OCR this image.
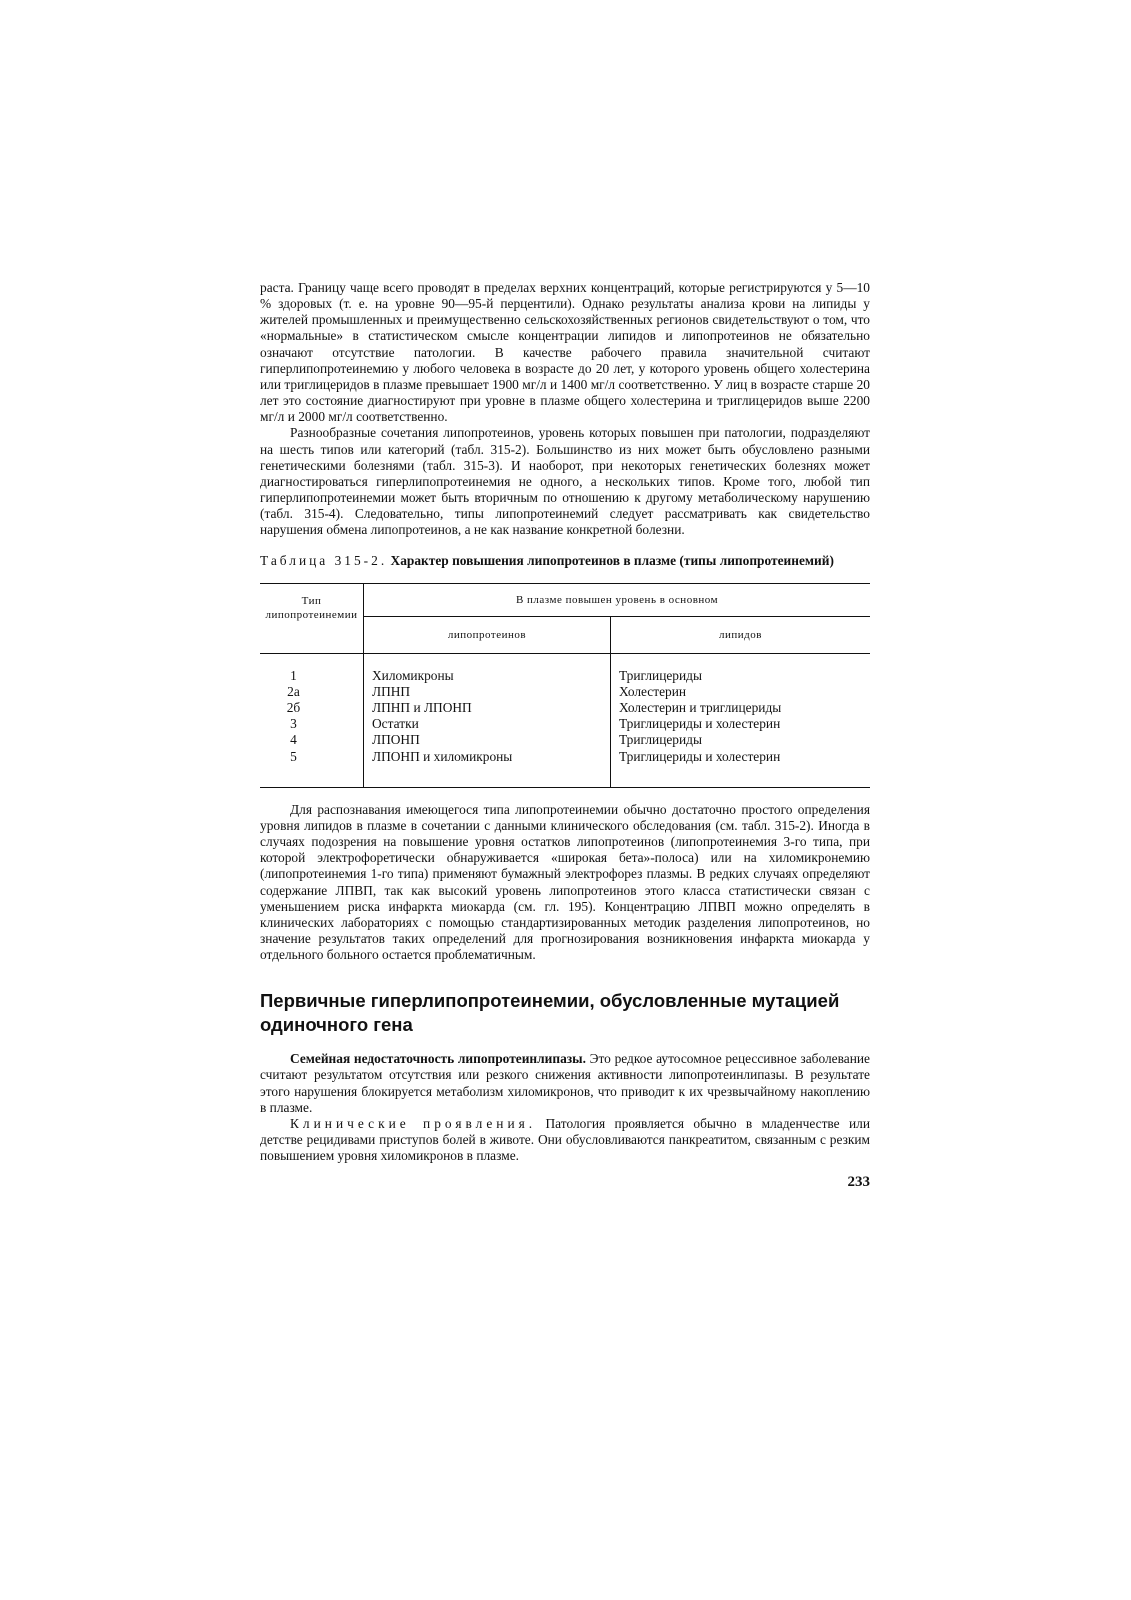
раста. Границу чаще всего проводят в пределах верхних концентраций, которые регистрируются у 5—10 % здоровых (т. е. на уровне 90—95-й перцентили). Однако результаты анализа крови на липиды у жителей промышленных и преимущественно сельскохозяйственных регионов свидетельствуют о том, что «нормальные» в статистическом смысле концентрации липидов и липопротеинов не обязательно означают отсутствие патологии. В качестве рабочего правила значительной считают гиперлипопротеинемию у любого человека в возрасте до 20 лет, у которого уровень общего холестерина или триглицеридов в плазме превышает 1900 мг/л и 1400 мг/л соответственно. У лиц в возрасте старше 20 лет это состояние диагностируют при уровне в плазме общего холестерина и триглицеридов выше 2200 мг/л и 2000 мг/л соответственно.

Разнообразные сочетания липопротеинов, уровень которых повышен при патологии, подразделяют на шесть типов или категорий (табл. 315-2). Большинство из них может быть обусловлено разными генетическими болезнями (табл. 315-3). И наоборот, при некоторых генетических болезнях может диагностироваться гиперлипопротеинемия не одного, а нескольких типов. Кроме того, любой тип гиперлипопротеинемии может быть вторичным по отношению к другому метаболическому нарушению (табл. 315-4). Следовательно, типы липопротеинемий следует рассматривать как свидетельство нарушения обмена липопротеинов, а не как название конкретной болезни.

Таблица 315-2. Характер повышения липопротеинов в плазме (типы липопротеинемий)
Тип липопротеинемии	В плазме повышен уровень в основном	
	липопротеинов	липидов
1	Хиломикроны	Триглицериды
2а	ЛПНП	Холестерин
2б	ЛПНП и ЛПОНП	Холестерин и триглицериды
3	Остатки	Триглицериды и холестерин
4	ЛПОНП	Триглицериды
5	ЛПОНП и хиломикроны	Триглицериды и холестерин

Для распознавания имеющегося типа липопротеинемии обычно достаточно простого определения уровня липидов в плазме в сочетании с данными клинического обследования (см. табл. 315-2). Иногда в случаях подозрения на повышение уровня остатков липопротеинов (липопротеинемия 3-го типа, при которой электрофоретически обнаруживается «широкая бета»-полоса) или на хиломикронемию (липопротеинемия 1-го типа) применяют бумажный электрофорез плазмы. В редких случаях определяют содержание ЛПВП, так как высокий уровень липопротеинов этого класса статистически связан с уменьшением риска инфаркта миокарда (см. гл. 195). Концентрацию ЛПВП можно определять в клинических лабораториях с помощью стандартизированных методик разделения липопротеинов, но значение результатов таких определений для прогнозирования возникновения инфаркта миокарда у отдельного больного остается проблематичным.

Первичные гиперлипопротеинемии, обусловленные мутацией одиночного гена

Семейная недостаточность липопротеинлипазы. Это редкое аутосомное рецессивное заболевание считают результатом отсутствия или резкого снижения активности липопротеинлипазы. В результате этого нарушения блокируется метаболизм хиломикронов, что приводит к их чрезвычайному накоплению в плазме.

Клинические проявления. Патология проявляется обычно в младенчестве или детстве рецидивами приступов болей в животе. Они обусловливаются панкреатитом, связанным с резким повышением уровня хиломикронов в плазме.

233
